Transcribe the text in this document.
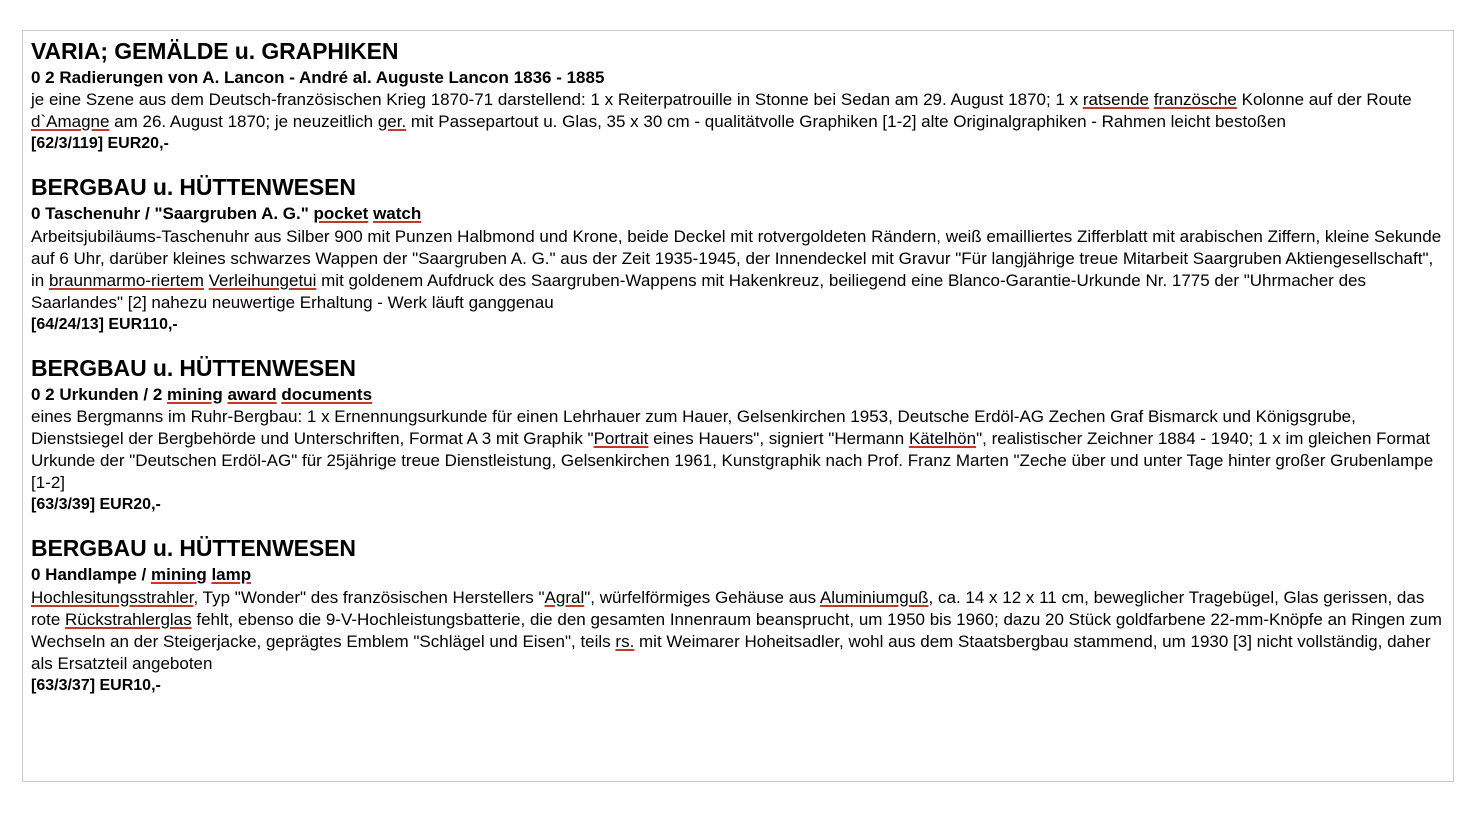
VARIA; GEMÄLDE u. GRAPHIKEN
0 2 Radierungen von A. Lancon - André al. Auguste Lancon 1836 - 1885
je eine Szene aus dem Deutsch-französischen Krieg 1870-71 darstellend: 1 x Reiterpatrouille in Stonne bei Sedan am 29. August 1870; 1 x ratsende französche Kolonne auf der Route d`Amagne am 26. August 1870; je neuzeitlich ger. mit Passepartout u. Glas, 35 x 30 cm - qualitätvolle Graphiken [1-2] alte Originalgraphiken - Rahmen leicht bestoßen
[62/3/119] EUR20,-
BERGBAU u. HÜTTENWESEN
0 Taschenuhr / "Saargruben A. G." pocket watch
Arbeitsjubiläums-Taschenuhr aus Silber 900 mit Punzen Halbmond und Krone, beide Deckel mit rotvergoldeten Rändern, weiß emailliertes Zifferblatt mit arabischen Ziffern, kleine Sekunde auf 6 Uhr, darüber kleines schwarzes Wappen der "Saargruben A. G." aus der Zeit 1935-1945, der Innendeckel mit Gravur "Für langjährige treue Mitarbeit Saargruben Aktiengesellschaft", in braunmarmo-riertem Verleihungetui mit goldenem Aufdruck des Saargruben-Wappens mit Hakenkreuz, beiliegend eine Blanco-Garantie-Urkunde Nr. 1775 der "Uhrmacher des Saarlandes" [2] nahezu neuwertige Erhaltung - Werk läuft ganggenau
[64/24/13] EUR110,-
BERGBAU u. HÜTTENWESEN
0 2 Urkunden / 2 mining award documents
eines Bergmanns im Ruhr-Bergbau: 1 x Ernennungsurkunde für einen Lehrhauer zum Hauer, Gelsenkirchen 1953, Deutsche Erdöl-AG Zechen Graf Bismarck und Königsgrube, Dienstsiegel der Bergbehörde und Unterschriften, Format A 3 mit Graphik "Portrait eines Hauers", signiert "Hermann Kätelhön", realistischer Zeichner 1884 - 1940; 1 x im gleichen Format Urkunde der "Deutschen Erdöl-AG" für 25jährige treue Dienstleistung, Gelsenkirchen 1961, Kunstgraphik nach Prof. Franz Marten "Zeche über und unter Tage hinter großer Grubenlampe [1-2]
[63/3/39] EUR20,-
BERGBAU u. HÜTTENWESEN
0 Handlampe / mining lamp
Hochlesitungsstrahler, Typ "Wonder" des französischen Herstellers "Agral", würfelförmiges Gehäuse aus Aluminiumguß, ca. 14 x 12 x 11 cm, beweglicher Tragebügel, Glas gerissen, das rote Rückstrahlerglas fehlt, ebenso die 9-V-Hochleistungsbatterie, die den gesamten Innenraum beansprucht, um 1950 bis 1960; dazu 20 Stück goldfarbene 22-mm-Knöpfe an Ringen zum Wechseln an der Steigerjacke, geprägtes Emblem "Schlägel und Eisen", teils rs. mit Weimarer Hoheitsadler, wohl aus dem Staatsbergbau stammend, um 1930 [3] nicht vollständig, daher als Ersatzteil angeboten
[63/3/37] EUR10,-
